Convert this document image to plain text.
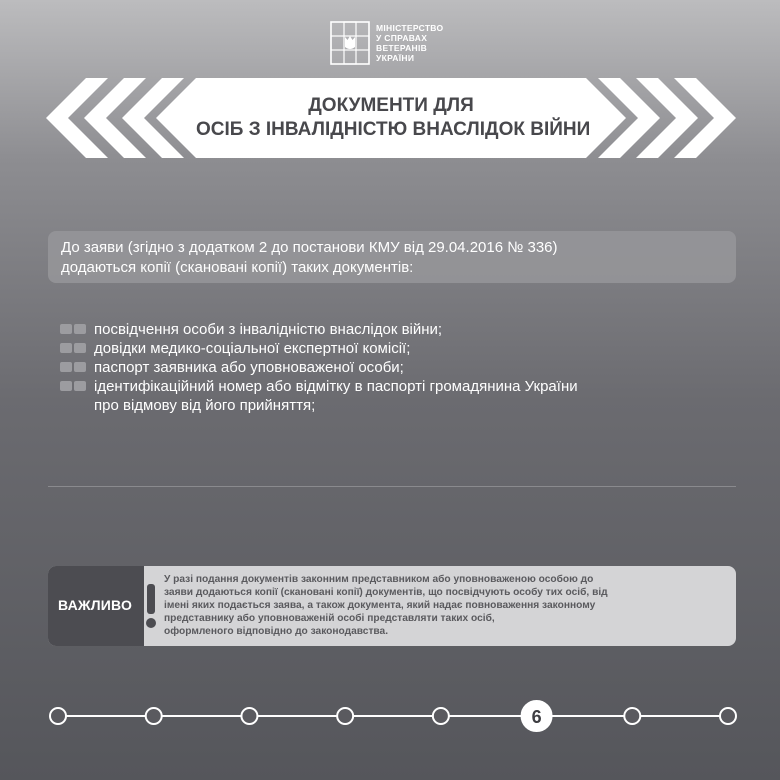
МІНІСТЕРСТВО
У СПРАВАХ
ВЕТЕРАНІВ
УКРАЇНИ
ДОКУМЕНТИ ДЛЯ
ОСІБ З ІНВАЛІДНІСТЮ ВНАСЛІДОК ВІЙНИ
До заяви (згідно з додатком 2 до постанови КМУ від 29.04.2016 № 336)
додаються копії (скановані копії) таких документів:
посвідчення особи з інвалідністю внаслідок війни;
довідки медико-соціальної експертної комісії;
паспорт заявника або уповноваженої особи;
ідентифікаційний номер або відмітку в паспорті громадянина України
про відмову від його прийняття;
ВАЖЛИВО
У разі подання документів законним представником або уповноваженою особою до
заяви додаються копії (скановані копії) документів, що посвідчують особу тих осіб, від
імені яких подається заява, а також документа, який надає повноваження законному
представнику або уповноваженій особі представляти таких осіб,
оформленого відповідно до законодавства.
6
